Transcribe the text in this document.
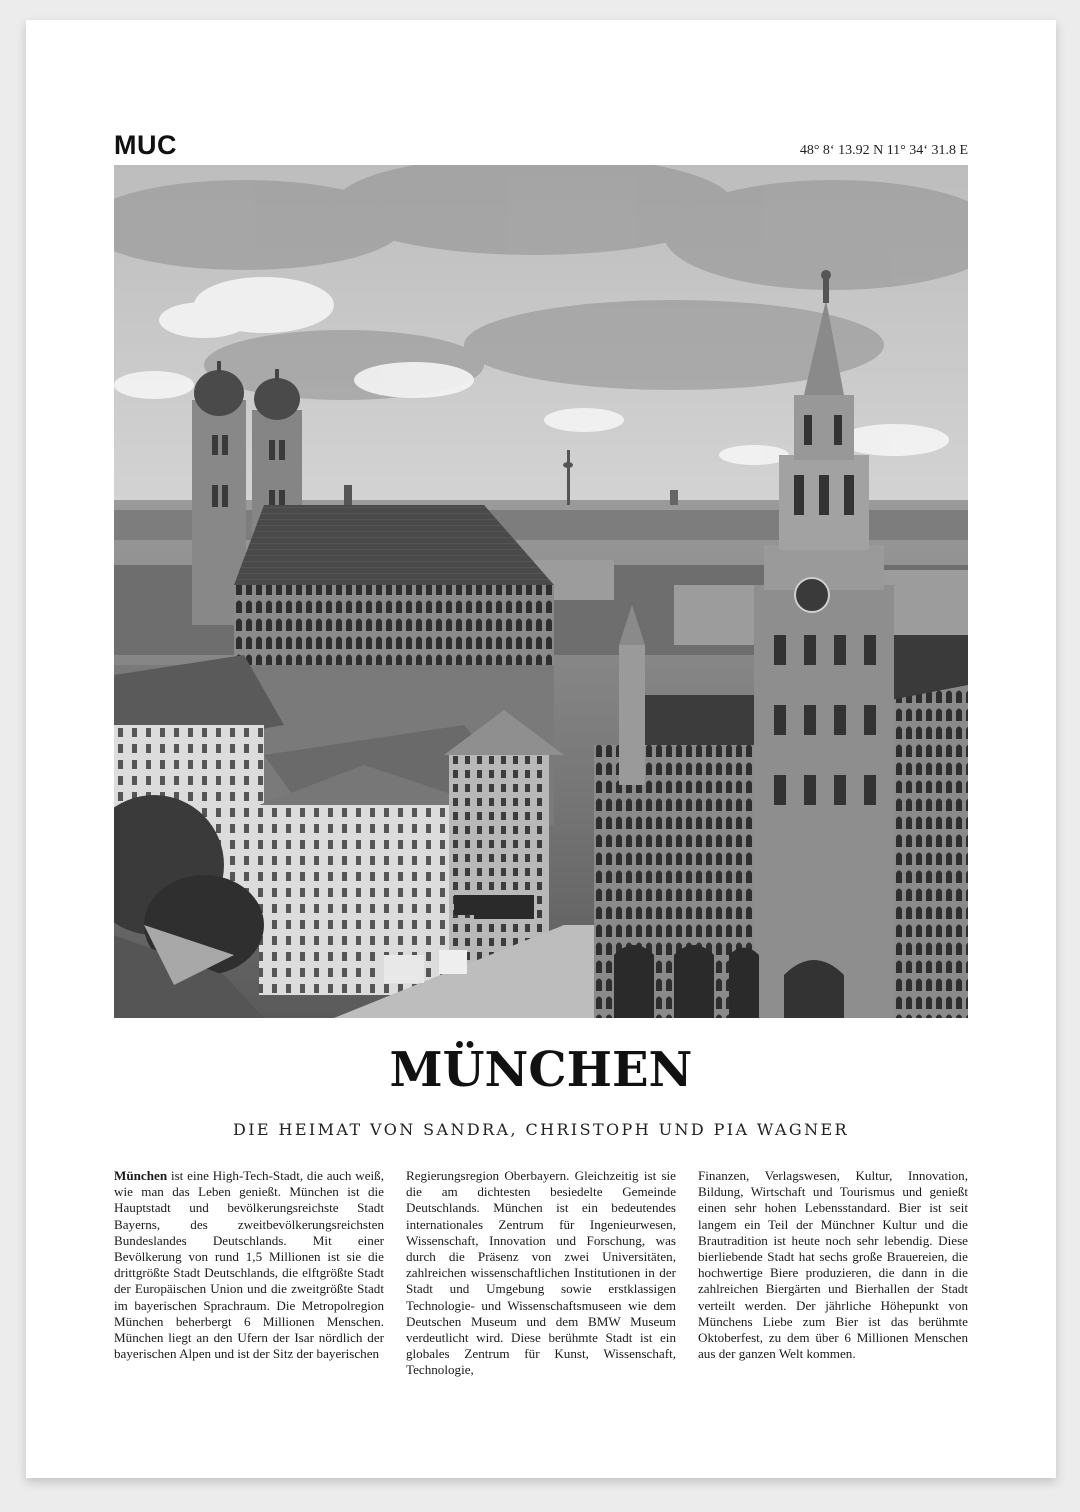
MUC	48° 8‘ 13.92 N 11° 34‘ 31.8 E
MÜNCHEN
DIE HEIMAT VON SANDRA, CHRISTOPH UND PIA WAGNER
München ist eine High-Tech-Stadt, die auch weiß, wie man das Leben genießt. München ist die Hauptstadt und bevölkerungsreichste Stadt Bayerns, des zweitbevölkerungsreichsten Bundeslandes Deutschlands. Mit einer Bevölkerung von rund 1,5 Millionen ist sie die drittgrößte Stadt Deutschlands, die elftgrößte Stadt der Europäischen Union und die zweitgrößte Stadt im bayerischen Sprachraum. Die Metropolregion München beherbergt 6 Millionen Menschen. München liegt an den Ufern der Isar nördlich der bayerischen Alpen und ist der Sitz der bayerischen
Regierungsregion Oberbayern. Gleichzeitig ist sie die am dichtesten besiedelte Gemeinde Deutschlands. München ist ein bedeutendes internationales Zentrum für Ingenieurwesen, Wissenschaft, Innovation und Forschung, was durch die Präsenz von zwei Universitäten, zahlreichen wissenschaftlichen Institutionen in der Stadt und Umgebung sowie erstklassigen Technologie- und Wissenschaftsmuseen wie dem Deutschen Museum und dem BMW Museum verdeutlicht wird. Diese berühmte Stadt ist ein globales Zentrum für Kunst, Wissenschaft, Technologie,
Finanzen, Verlagswesen, Kultur, Innovation, Bildung, Wirtschaft und Tourismus und genießt einen sehr hohen Lebensstandard. Bier ist seit langem ein Teil der Münchner Kultur und die Brautradition ist heute noch sehr lebendig. Diese bierliebende Stadt hat sechs große Brauereien, die hochwertige Biere produzieren, die dann in die zahlreichen Biergärten und Bierhallen der Stadt verteilt werden. Der jährliche Höhepunkt von Münchens Liebe zum Bier ist das berühmte Oktoberfest, zu dem über 6 Millionen Menschen aus der ganzen Welt kommen.
